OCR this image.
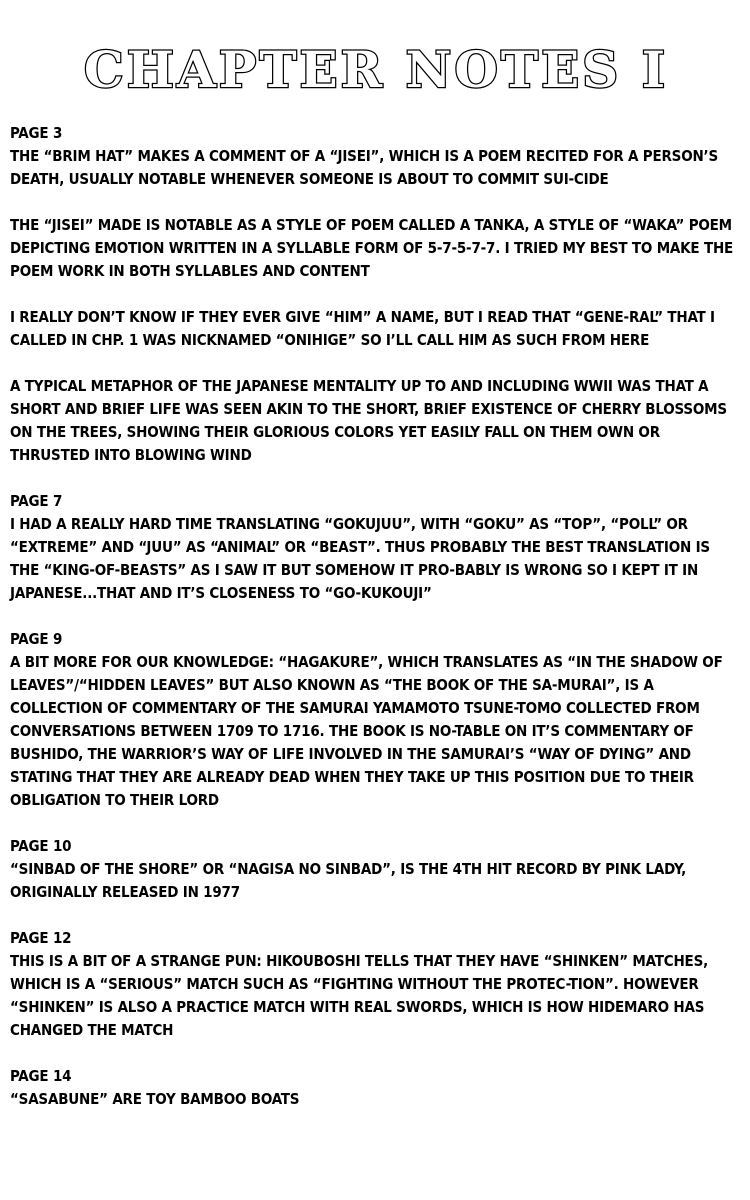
CHAPTER NOTES I
PAGE 3

THE “BRIM HAT” MAKES A COMMENT OF A “JISEI”, WHICH IS A POEM RECITED FOR A PERSON’S DEATH, USUALLY NOTABLE WHENEVER SOMEONE IS ABOUT TO COMMIT SUI-CIDE

THE “JISEI” MADE IS NOTABLE AS A STYLE OF POEM CALLED A TANKA, A STYLE OF “WAKA” POEM DEPICTING EMOTION WRITTEN IN A SYLLABLE FORM OF 5-7-5-7-7. I TRIED MY BEST TO MAKE THE POEM WORK IN BOTH SYLLABLES AND CONTENT

I REALLY DON’T KNOW IF THEY EVER GIVE “HIM” A NAME, BUT I READ THAT “GENE-RAL” THAT I CALLED IN CHP. 1 WAS NICKNAMED “ONIHIGE” SO I’LL CALL HIM AS SUCH FROM HERE

A TYPICAL METAPHOR OF THE JAPANESE MENTALITY UP TO AND INCLUDING WWII WAS THAT A SHORT AND BRIEF LIFE WAS SEEN AKIN TO THE SHORT, BRIEF EXISTENCE OF CHERRY BLOSSOMS ON THE TREES, SHOWING THEIR GLORIOUS COLORS YET EASILY FALL ON THEM OWN OR THRUSTED INTO BLOWING WIND

PAGE 7

I HAD A REALLY HARD TIME TRANSLATING “GOKUJUU”, WITH “GOKU” AS “TOP”, “POLL” OR “EXTREME” AND “JUU” AS “ANIMAL” OR “BEAST”. THUS PROBABLY THE BEST TRANSLATION IS THE “KING-OF-BEASTS” AS I SAW IT BUT SOMEHOW IT PRO-BABLY IS WRONG SO I KEPT IT IN JAPANESE...THAT AND IT’S CLOSENESS TO “GO-KUKOUJI”

PAGE 9

A BIT MORE FOR OUR KNOWLEDGE: “HAGAKURE”, WHICH TRANSLATES AS “IN THE SHADOW OF LEAVES”/“HIDDEN LEAVES” BUT ALSO KNOWN AS “THE BOOK OF THE SA-MURAI”, IS A COLLECTION OF COMMENTARY OF THE SAMURAI YAMAMOTO TSUNE-TOMO COLLECTED FROM CONVERSATIONS BETWEEN 1709 TO 1716. THE BOOK IS NO-TABLE ON IT’S COMMENTARY OF BUSHIDO, THE WARRIOR’S WAY OF LIFE INVOLVED IN THE SAMURAI’S “WAY OF DYING” AND STATING THAT THEY ARE ALREADY DEAD WHEN THEY TAKE UP THIS POSITION DUE TO THEIR OBLIGATION TO THEIR LORD

PAGE 10

“SINBAD OF THE SHORE” OR “NAGISA NO SINBAD”, IS THE 4TH HIT RECORD BY PINK LADY, ORIGINALLY RELEASED IN 1977

PAGE 12

THIS IS A BIT OF A STRANGE PUN: HIKOUBOSHI TELLS THAT THEY HAVE “SHINKEN” MATCHES, WHICH IS A “SERIOUS” MATCH SUCH AS “FIGHTING WITHOUT THE PROTEC-TION”. HOWEVER “SHINKEN” IS ALSO A PRACTICE MATCH WITH REAL SWORDS, WHICH IS HOW HIDEMARO HAS CHANGED THE MATCH

PAGE 14

“SASABUNE” ARE TOY BAMBOO BOATS
